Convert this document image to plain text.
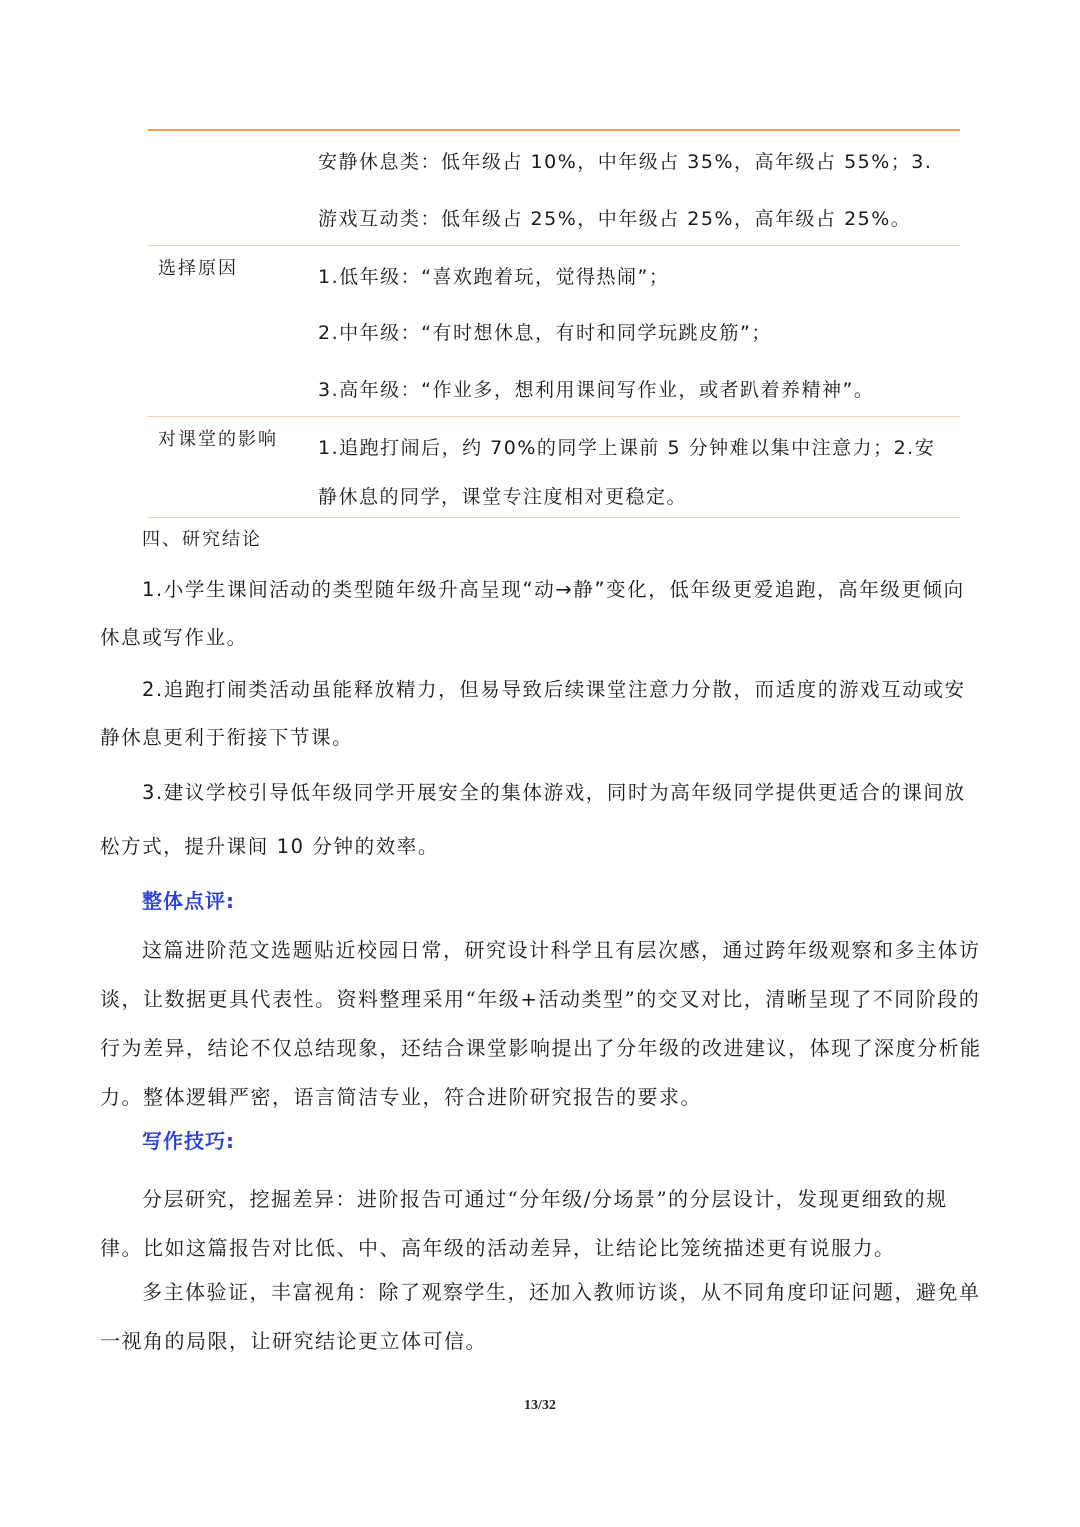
安静休息类：低年级占 10%，中年级占 35%，高年级占 55%；3.
游戏互动类：低年级占 25%，中年级占 25%，高年级占 25%。
选择原因	1.低年级：“喜欢跑着玩，觉得热闹”；
2.中年级：“有时想休息，有时和同学玩跳皮筋”；
3.高年级：“作业多，想利用课间写作业，或者趴着养精神”。
对课堂的影响 1.追跑打闹后，约 70%的同学上课前 5 分钟难以集中注意力；2.安
静休息的同学，课堂专注度相对更稳定。
四、研究结论

1.小学生课间活动的类型随年级升高呈现“动→静”变化，低年级更爱追跑，高年级更倾向休息或写作业。

2.追跑打闹类活动虽能释放精力，但易导致后续课堂注意力分散，而适度的游戏互动或安静休息更利于衔接下节课。

3.建议学校引导低年级同学开展安全的集体游戏，同时为高年级同学提供更适合的课间放松方式，提升课间 10 分钟的效率。

整体点评:

这篇进阶范文选题贴近校园日常，研究设计科学且有层次感，通过跨年级观察和多主体访谈，让数据更具代表性。资料整理采用“年级+活动类型”的交叉对比，清晰呈现了不同阶段的行为差异，结论不仅总结现象，还结合课堂影响提出了分年级的改进建议，体现了深度分析能力。整体逻辑严密，语言简洁专业，符合进阶研究报告的要求。

写作技巧:

分层研究，挖掘差异：进阶报告可通过“分年级/分场景”的分层设计，发现更细致的规律。比如这篇报告对比低、中、高年级的活动差异，让结论比笼统描述更有说服力。

多主体验证，丰富视角：除了观察学生，还加入教师访谈，从不同角度印证问题，避免单一视角的局限，让研究结论更立体可信。

13/32
